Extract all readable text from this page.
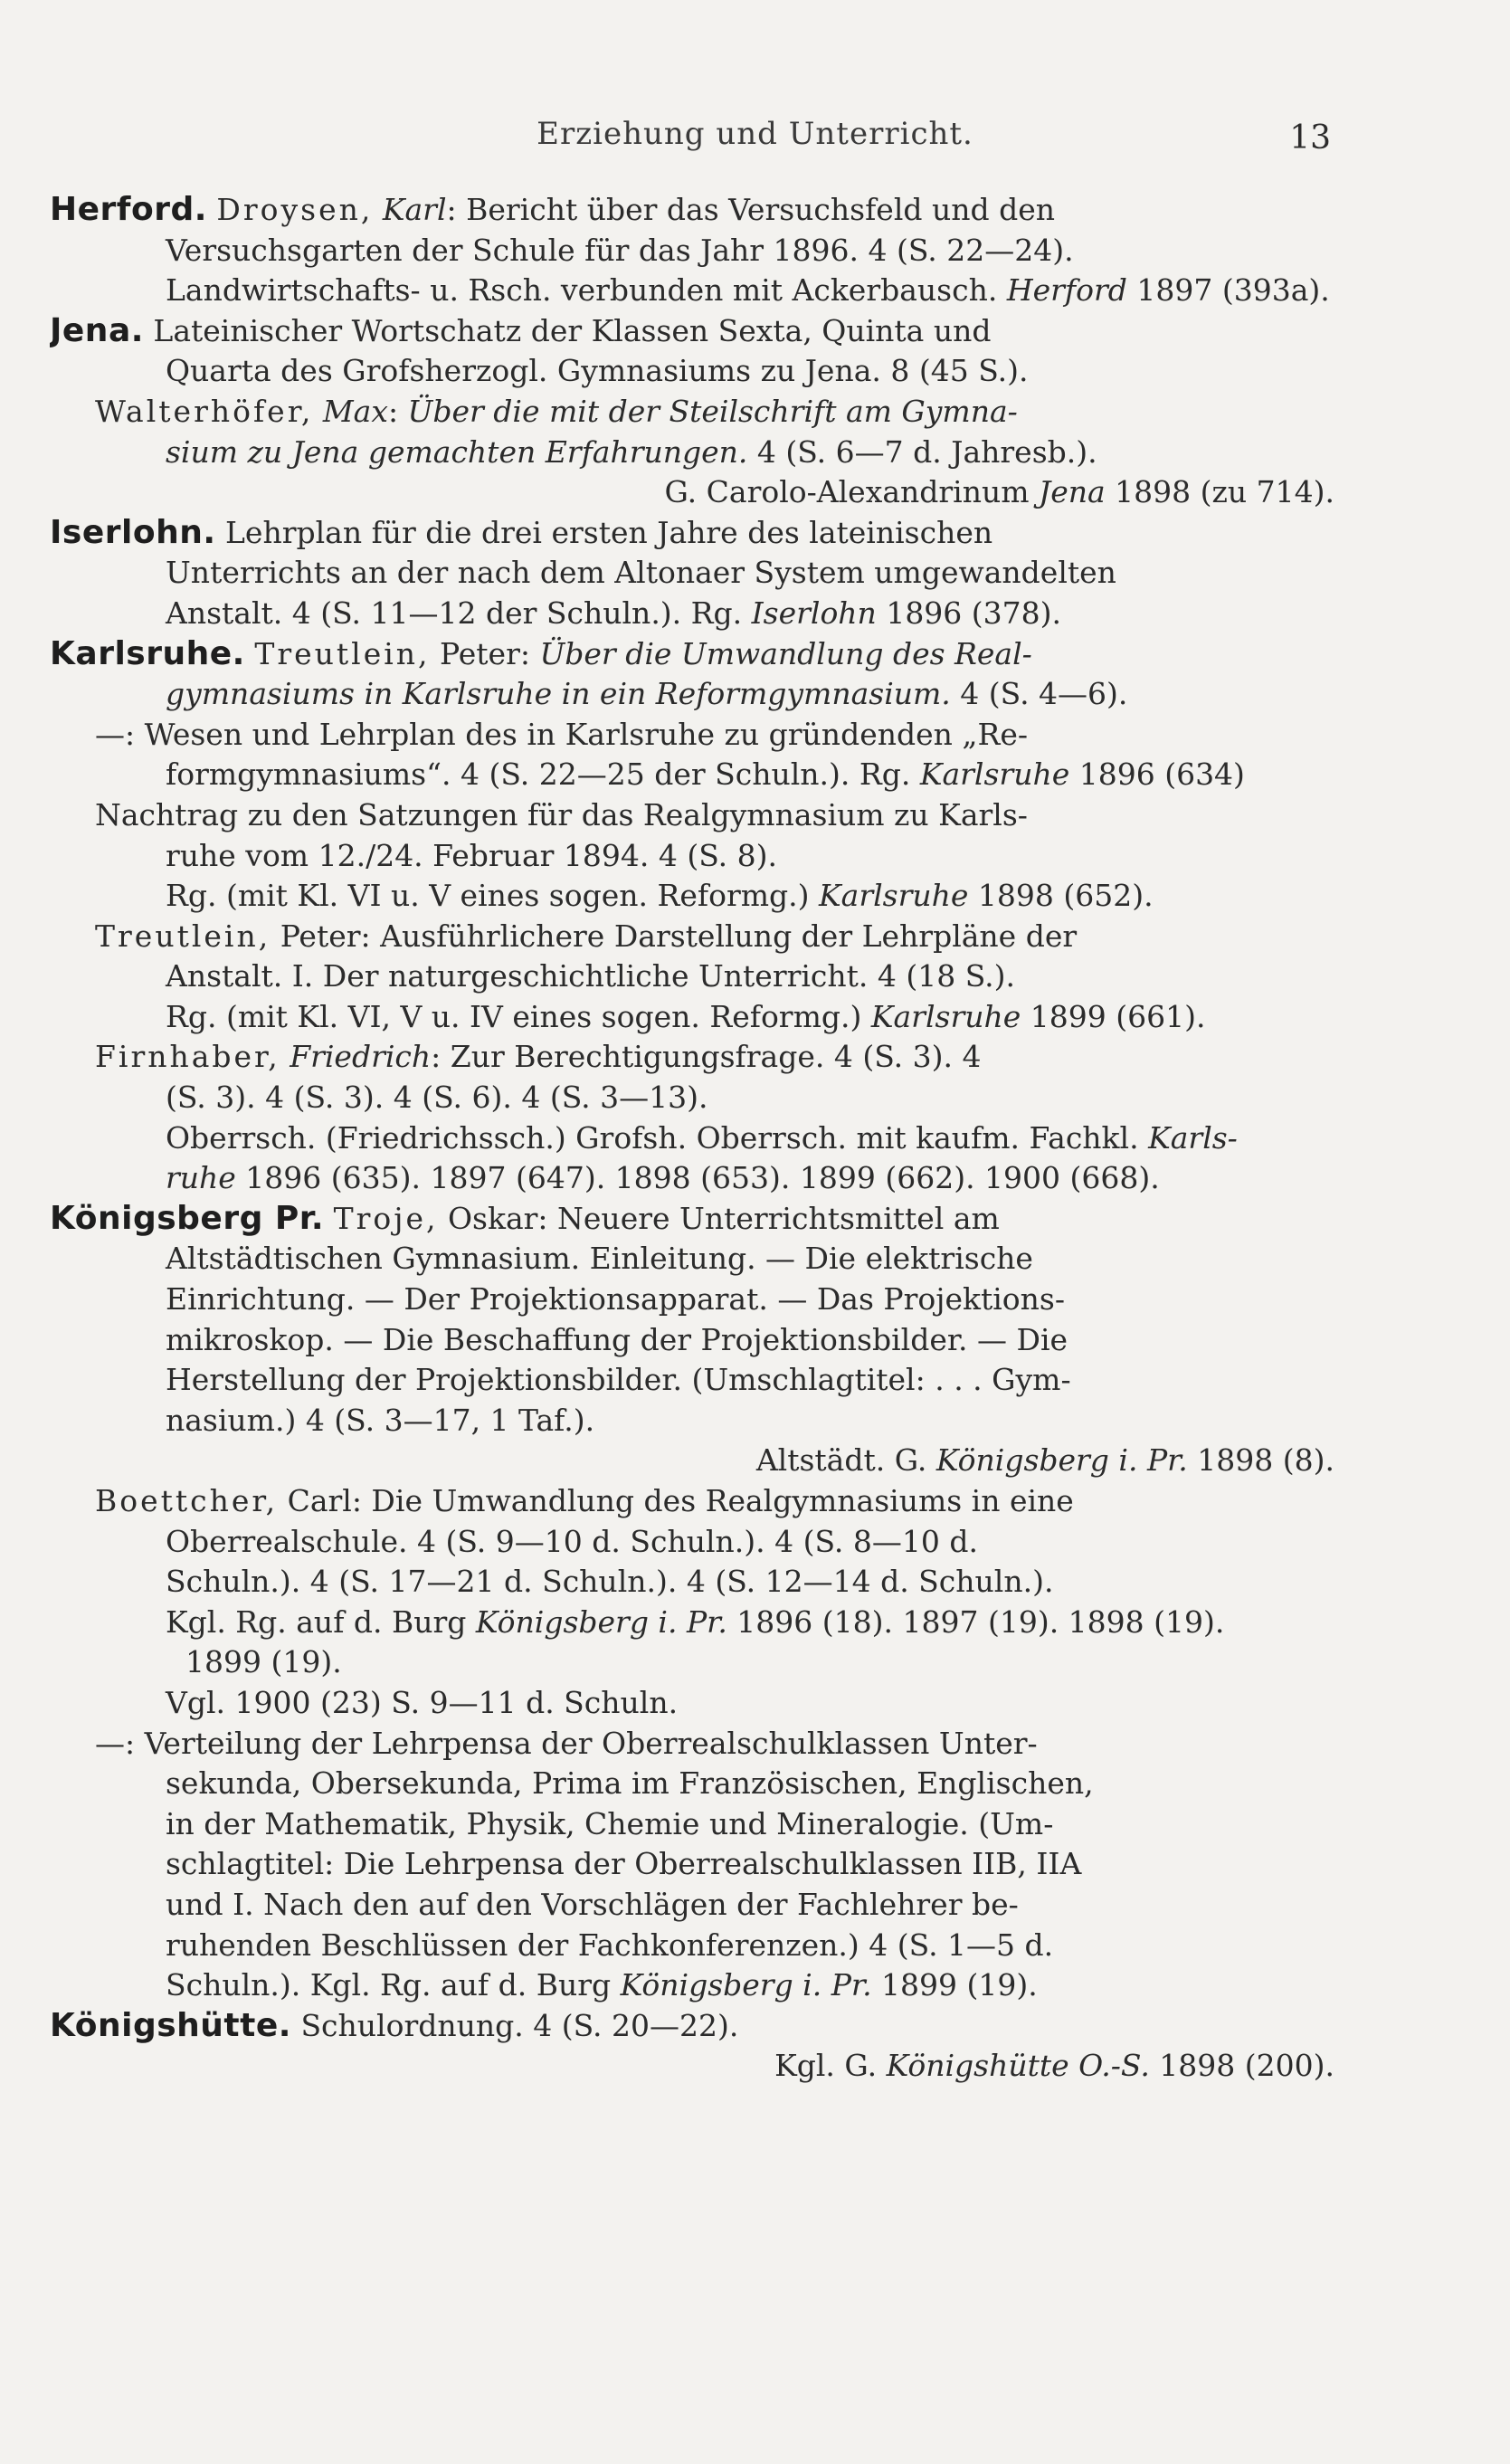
Erziehung und Unterricht.	13
Herford. Droysen, Karl: Bericht über das Versuchsfeld und den
Versuchsgarten der Schule für das Jahr 1896. 4 (S. 22—24).
Landwirtschafts- u. Rsch. verbunden mit Ackerbausch. Herford 1897 (393a).
Jena. Lateinischer Wortschatz der Klassen Sexta, Quinta und
Quarta des Grofsherzogl. Gymnasiums zu Jena. 8 (45 S.).
Walterhöfer, Max: Über die mit der Steilschrift am Gymna-
sium zu Jena gemachten Erfahrungen. 4 (S. 6—7 d. Jahresb.).
G. Carolo-Alexandrinum Jena 1898 (zu 714).
Iserlohn. Lehrplan für die drei ersten Jahre des lateinischen
Unterrichts an der nach dem Altonaer System umgewandelten
Anstalt. 4 (S. 11—12 der Schuln.). Rg. Iserlohn 1896 (378).
Karlsruhe. Treutlein, Peter: Über die Umwandlung des Real-
gymnasiums in Karlsruhe in ein Reformgymnasium. 4 (S. 4—6).
—: Wesen und Lehrplan des in Karlsruhe zu gründenden „Re-
formgymnasiums“. 4 (S. 22—25 der Schuln.). Rg. Karlsruhe 1896 (634)
Nachtrag zu den Satzungen für das Realgymnasium zu Karls-
ruhe vom 12./24. Februar 1894. 4 (S. 8).
Rg. (mit Kl. VI u. V eines sogen. Reformg.) Karlsruhe 1898 (652).
Treutlein, Peter: Ausführlichere Darstellung der Lehrpläne der
Anstalt. I. Der naturgeschichtliche Unterricht. 4 (18 S.).
Rg. (mit Kl. VI, V u. IV eines sogen. Reformg.) Karlsruhe 1899 (661).
Firnhaber, Friedrich: Zur Berechtigungsfrage. 4 (S. 3). 4
(S. 3). 4 (S. 3). 4 (S. 6). 4 (S. 3—13).
Oberrsch. (Friedrichssch.) Grofsh. Oberrsch. mit kaufm. Fachkl. Karls-
ruhe 1896 (635). 1897 (647). 1898 (653). 1899 (662). 1900 (668).
Königsberg Pr. Troje, Oskar: Neuere Unterrichtsmittel am
Altstädtischen Gymnasium. Einleitung. — Die elektrische
Einrichtung. — Der Projektionsapparat. — Das Projektions-
mikroskop. — Die Beschaffung der Projektionsbilder. — Die
Herstellung der Projektionsbilder. (Umschlagtitel: . . . Gym-
nasium.) 4 (S. 3—17, 1 Taf.).
Altstädt. G. Königsberg i. Pr. 1898 (8).
Boettcher, Carl: Die Umwandlung des Realgymnasiums in eine
Oberrealschule. 4 (S. 9—10 d. Schuln.). 4 (S. 8—10 d.
Schuln.). 4 (S. 17—21 d. Schuln.). 4 (S. 12—14 d. Schuln.).
Kgl. Rg. auf d. Burg Königsberg i. Pr. 1896 (18). 1897 (19). 1898 (19).
1899 (19).
Vgl. 1900 (23) S. 9—11 d. Schuln.
—: Verteilung der Lehrpensa der Oberrealschulklassen Unter-
sekunda, Obersekunda, Prima im Französischen, Englischen,
in der Mathematik, Physik, Chemie und Mineralogie. (Um-
schlagtitel: Die Lehrpensa der Oberrealschulklassen IIB, IIA
und I. Nach den auf den Vorschlägen der Fachlehrer be-
ruhenden Beschlüssen der Fachkonferenzen.) 4 (S. 1—5 d.
Schuln.). Kgl. Rg. auf d. Burg Königsberg i. Pr. 1899 (19).
Königshütte. Schulordnung. 4 (S. 20—22).
Kgl. G. Königshütte O.-S. 1898 (200).
